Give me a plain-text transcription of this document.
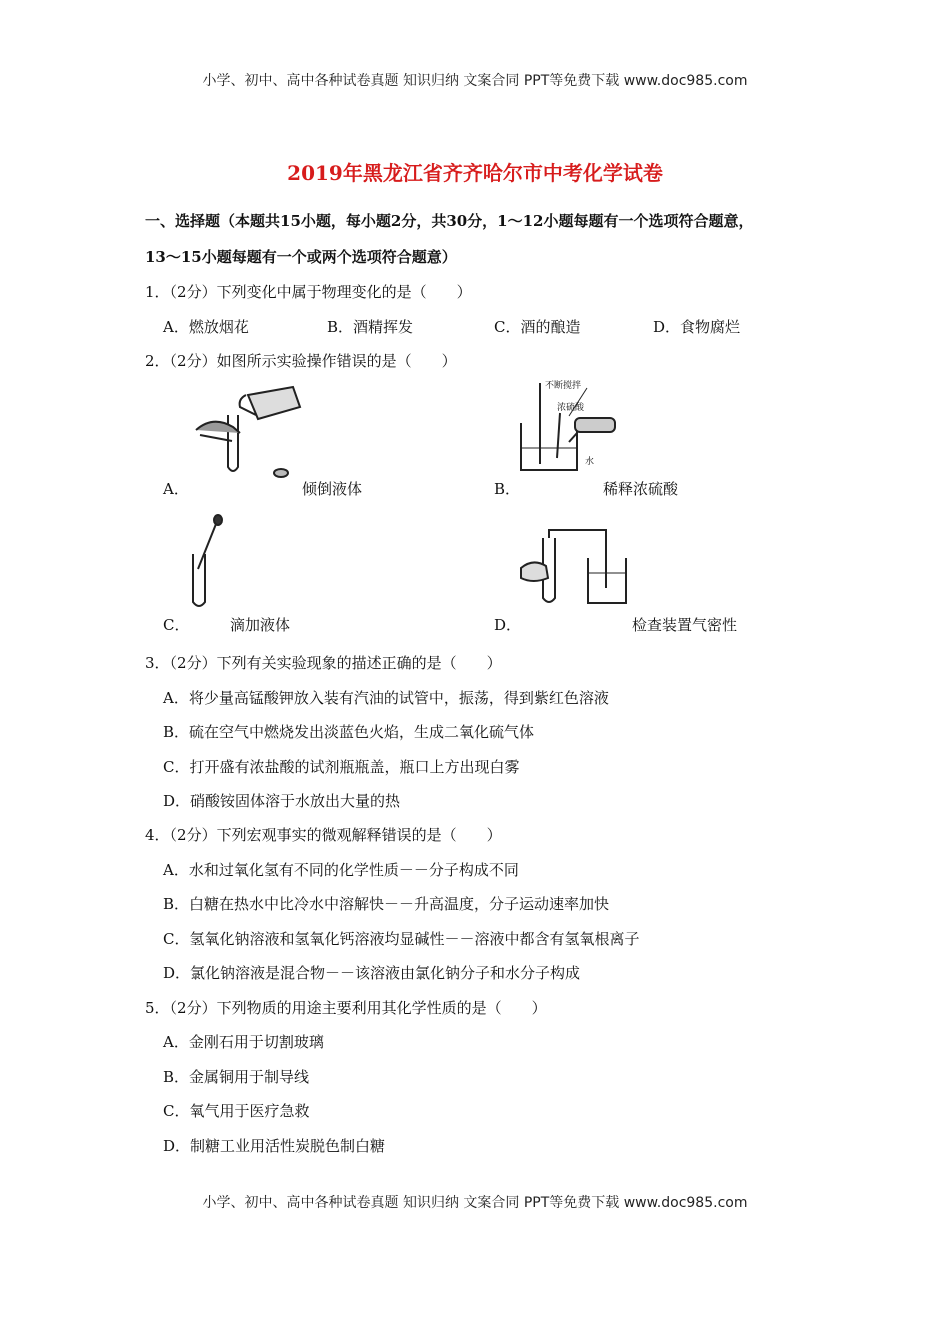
小学、初中、高中各种试卷真题 知识归纳 文案合同 PPT等免费下载 www.doc985.com
2019年黑龙江省齐齐哈尔市中考化学试卷
一、选择题（本题共15小题，每小题2分，共30分，1～12小题每题有一个选项符合题意，
13～15小题每题有一个或两个选项符合题意）
1．（2分）下列变化中属于物理变化的是（　　）
A．燃放烟花	B．酒精挥发	C．酒的酿造	D．食物腐烂
2．（2分）如图所示实验操作错误的是（　　）
A．	倾倒液体
不断搅拌
浓硫酸
水
B．	稀释浓硫酸
C．	滴加液体	D．	检查装置气密性
3．（2分）下列有关实验现象的描述正确的是（　　）
A．将少量高锰酸钾放入装有汽油的试管中，振荡，得到紫红色溶液
B．硫在空气中燃烧发出淡蓝色火焰，生成二氧化硫气体
C．打开盛有浓盐酸的试剂瓶瓶盖，瓶口上方出现白雾
D．硝酸铵固体溶于水放出大量的热
4．（2分）下列宏观事实的微观解释错误的是（　　）
A．水和过氧化氢有不同的化学性质－－分子构成不同
B．白糖在热水中比冷水中溶解快－－升高温度，分子运动速率加快
C．氢氧化钠溶液和氢氧化钙溶液均显碱性－－溶液中都含有氢氧根离子
D．氯化钠溶液是混合物－－该溶液由氯化钠分子和水分子构成
5．（2分）下列物质的用途主要利用其化学性质的是（　　）
A．金刚石用于切割玻璃
B．金属铜用于制导线
C．氧气用于医疗急救
D．制糖工业用活性炭脱色制白糖
小学、初中、高中各种试卷真题 知识归纳 文案合同 PPT等免费下载 www.doc985.com
